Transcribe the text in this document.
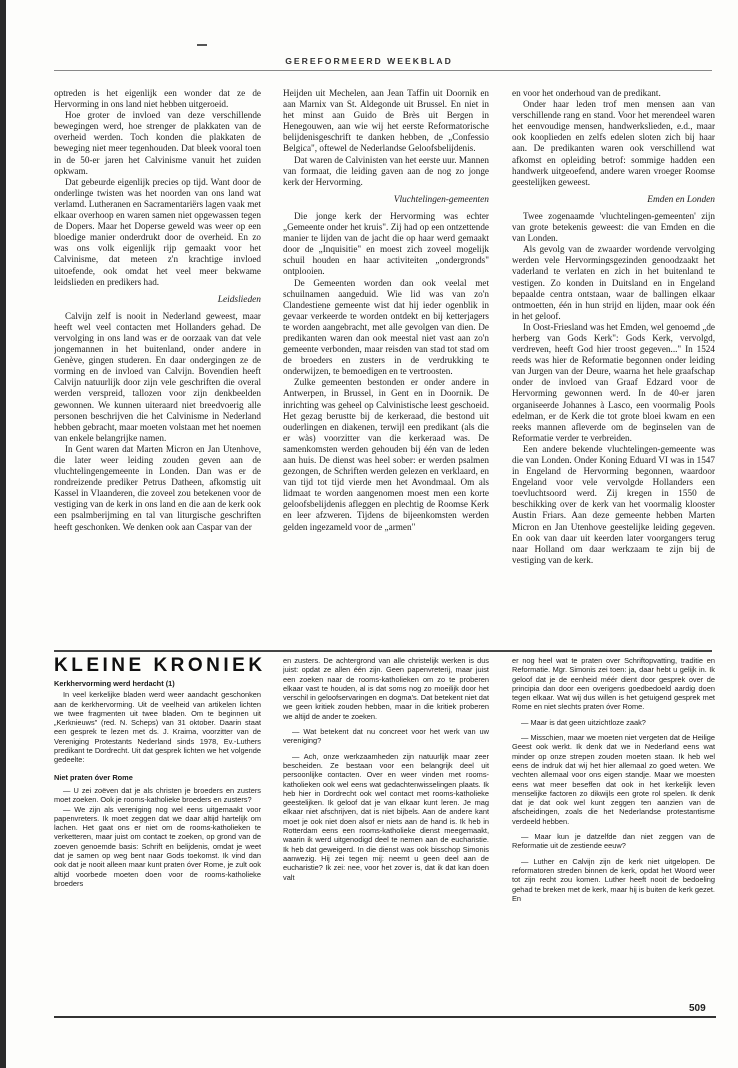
GEREFORMEERD WEEKBLAD

optreden is het eigenlijk een wonder dat ze de Hervorming in ons land niet hebben uitgeroeid.

Hoe groter de invloed van deze verschillende bewegingen werd, hoe strenger de plakkaten van de overheid werden. Toch konden die plakkaten de beweging niet meer tegenhouden. Dat bleek vooral toen in de 50-er jaren het Calvinisme vanuit het zuiden opkwam.

Dat gebeurde eigenlijk precies op tijd. Want door de onderlinge twisten was het noorden van ons land wat verlamd. Lutheranen en Sacramentariërs lagen vaak met elkaar overhoop en waren samen niet opgewassen tegen de Dopers. Maar het Doperse geweld was weer op een bloedige manier onderdrukt door de overheid. En zo was ons volk eigenlijk rijp gemaakt voor het Calvinisme, dat meteen z'n krachtige invloed uitoefende, ook omdat het veel meer bekwame leidslieden en predikers had.

Leidslieden

Calvijn zelf is nooit in Nederland geweest, maar heeft wel veel contacten met Hollanders gehad. De vervolging in ons land was er de oorzaak van dat vele jongemannen in het buitenland, onder andere in Genève, gingen studeren. En daar ondergingen ze de vorming en de invloed van Calvijn. Bovendien heeft Calvijn natuurlijk door zijn vele geschriften die overal werden verspreid, tallozen voor zijn denkbeelden gewonnen. We kunnen uiteraard niet breedvoerig alle personen beschrijven die het Calvinisme in Nederland hebben gebracht, maar moeten volstaan met het noemen van enkele belangrijke namen.

In Gent waren dat Marten Micron en Jan Utenhove, die later weer leiding zouden geven aan de vluchtelingengemeente in Londen. Dan was er de rondreizende prediker Petrus Datheen, afkomstig uit Kassel in Vlaanderen, die zoveel zou betekenen voor de vestiging van de kerk in ons land en die aan de kerk ook een psalmberijming en tal van liturgische geschriften heeft geschonken. We denken ook aan Caspar van der

Heijden uit Mechelen, aan Jean Taffin uit Doornik en aan Marnix van St. Aldegonde uit Brussel. En niet in het minst aan Guido de Brès uit Bergen in Henegouwen, aan wie wij het eerste Reformatorische belijdenisgeschrift te danken hebben, de „Confessio Belgica", oftewel de Nederlandse Geloofsbelijdenis.

Dat waren de Calvinisten van het eerste uur. Mannen van formaat, die leiding gaven aan de nog zo jonge kerk der Hervorming.

Vluchtelingen-gemeenten

Die jonge kerk der Hervorming was echter „Gemeente onder het kruis". Zij had op een ontzettende manier te lijden van de jacht die op haar werd gemaakt door de „Inquisitie" en moest zich zoveel mogelijk schuil houden en haar activiteiten „ondergronds" ontplooien.

De Gemeenten worden dan ook veelal met schuilnamen aangeduid. Wie lid was van zo'n Clandestiene gemeente wist dat hij ieder ogenblik in gevaar verkeerde te worden ontdekt en bij ketterjagers te worden aangebracht, met alle gevolgen van dien. De predikanten waren dan ook meestal niet vast aan zo'n gemeente verbonden, maar reisden van stad tot stad om de broeders en zusters in de verdrukking te onderwijzen, te bemoedigen en te vertroosten.

Zulke gemeenten bestonden er onder andere in Antwerpen, in Brussel, in Gent en in Doornik. De inrichting was geheel op Calvinistische leest geschoeid. Het gezag berustte bij de kerkeraad, die bestond uit ouderlingen en diakenen, terwijl een predikant (als die er wàs) voorzitter van die kerkeraad was. De samenkomsten werden gehouden bij één van de leden aan huis. De dienst was heel sober: er werden psalmen gezongen, de Schriften werden gelezen en verklaard, en van tijd tot tijd vierde men het Avondmaal. Om als lidmaat te worden aangenomen moest men een korte geloofsbelijdenis afleggen en plechtig de Roomse Kerk en leer afzweren. Tijdens de bijeenkomsten werden gelden ingezameld voor de „armen"

en voor het onderhoud van de predikant.

Onder haar leden trof men mensen aan van verschillende rang en stand. Voor het merendeel waren het eenvoudige mensen, handwerkslieden, e.d., maar ook kooplieden en zelfs edelen sloten zich bij haar aan. De predikanten waren ook verschillend wat afkomst en opleiding betrof: sommige hadden een handwerk uitgeoefend, andere waren vroeger Roomse geestelijken geweest.

Emden en Londen

Twee zogenaamde 'vluchtelingen-gemeenten' zijn van grote betekenis geweest: die van Emden en die van Londen.

Als gevolg van de zwaarder wordende vervolging werden vele Hervormingsgezinden genoodzaakt het vaderland te verlaten en zich in het buitenland te vestigen. Zo konden in Duitsland en in Engeland bepaalde centra ontstaan, waar de ballingen elkaar ontmoetten, één in hun strijd en lijden, maar ook één in het geloof.

In Oost-Friesland was het Emden, wel genoemd „de herberg van Gods Kerk": Gods Kerk, vervolgd, verdreven, heeft God hier troost gegeven..." In 1524 reeds was hier de Reformatie begonnen onder leiding van Jurgen van der Deure, waarna het hele graafschap onder de invloed van Graaf Edzard voor de Hervorming gewonnen werd. In de 40-er jaren organiseerde Johannes à Lasco, een voormalig Pools edelman, er de Kerk die tot grote bloei kwam en een reeks mannen afleverde om de beginselen van de Reformatie verder te verbreiden.

Een andere bekende vluchtelingen-gemeente was die van Londen. Onder Koning Eduard VI was in 1547 in Engeland de Hervorming begonnen, waardoor Engeland voor vele vervolgde Hollanders een toevluchtsoord werd. Zij kregen in 1550 de beschikking over de kerk van het voormalig klooster Austin Friars. Aan deze gemeente hebben Marten Micron en Jan Utenhove geestelijke leiding gegeven. En ook van daar uit keerden later voorgangers terug naar Holland om daar werkzaam te zijn bij de vestiging van de kerk.

KLEINE KRONIEK

Kerkhervorming werd herdacht (1)

In veel kerkelijke bladen werd weer aandacht geschonken aan de kerkhervorming. Uit de veelheid van artikelen lichten we twee fragmenten uit twee bladen. Om te beginnen uit „Kerknieuws" (red. N. Scheps) van 31 oktober. Daarin staat een gesprek te lezen met ds. J. Kraima, voorzitter van de Vereniging Protestants Nederland sinds 1978, Ev.-Luthers predikant te Dordrecht. Uit dat gesprek lichten we het volgende gedeelte:

Niet praten óver Rome

— U zei zoëven dat je als christen je broeders en zusters moet zoeken. Ook je rooms-katholieke broeders en zusters?

— We zijn als vereniging nog wel eens uitgemaakt voor papenvreters. Ik moet zeggen dat we daar altijd hartelijk om lachen. Het gaat ons er niet om de rooms-katholieken te verketteren, maar juist om contact te zoeken, op grond van de zoeven genoemde basis: Schrift en belijdenis, omdat je weet dat je samen op weg bent naar Gods toekomst. Ik vind dan ook dat je nooit alleen maar kunt praten óver Rome, je zult ook altijd voorbede moeten doen voor de rooms-katholieke broeders

en zusters. De achtergrond van alle christelijk werken is dus juist: opdat ze allen één zijn. Geen papenvreterij, maar juist een zoeken naar de rooms-katholieken om zo te proberen elkaar vast te houden, al is dat soms nog zo moeilijk door het verschil in geloofservaringen en dogma's. Dat betekent niet dat we geen kritiek zouden hebben, maar in die kritiek proberen we altijd de ander te zoeken.

— Wat betekent dat nu concreet voor het werk van uw vereniging?

— Ach, onze werkzaamheden zijn natuurlijk maar zeer bescheiden. Ze bestaan voor een belangrijk deel uit persoonlijke contacten. Over en weer vinden met rooms-katholieken ook wel eens wat gedachtenwisselingen plaats. Ik heb hier in Dordrecht ook wel contact met rooms-katholieke geestelijken. Ik geloof dat je van elkaar kunt leren. Je mag elkaar niet afschrijven, dat is niet bijbels. Aan de andere kant moet je ook niet doen alsof er niets aan de hand is. Ik heb in Rotterdam eens een rooms-katholieke dienst meegemaakt, waarin ik werd uitgenodigd deel te nemen aan de eucharistie. Ik heb dat geweigerd. In die dienst was ook bisschop Simonis aanwezig. Hij zei tegen mij: neemt u geen deel aan de eucharistie? Ik zei: nee, voor het zover is, dat ik dat kan doen valt

er nog heel wat te praten over Schriftopvatting, traditie en Reformatie. Mgr. Simonis zei toen: ja, daar hebt u gelijk in. Ik geloof dat je de eenheid méér dient door gesprek over de principia dan door een overigens goedbedoeld aardig doen tegen elkaar. Wat wij dus willen is het getuigend gesprek met Rome en niet slechts praten óver Rome.

— Maar is dat geen uitzichtloze zaak?

— Misschien, maar we moeten niet vergeten dat de Heilige Geest ook werkt. Ik denk dat we in Nederland eens wat minder op onze strepen zouden moeten staan. Ik heb wel eens de indruk dat wij het hier allemaal zo goed weten. We vechten allemaal voor ons eigen standje. Maar we moesten eens wat meer beseffen dat ook in het kerkelijk leven menselijke factoren zo dikwijls een grote rol spelen. Ik denk dat je dat ook wel kunt zeggen ten aanzien van de afscheidingen, zoals die het Nederlandse protestantisme verdeeld hebben.

— Maar kun je datzelfde dan niet zeggen van de Reformatie uit de zestiende eeuw?

— Luther en Calvijn zijn de kerk niet uitgelopen. De reformatoren streden binnen de kerk, opdat het Woord weer tot zijn recht zou komen. Luther heeft nooit de bedoeling gehad te breken met de kerk, maar hij is buiten de kerk gezet. En

509
